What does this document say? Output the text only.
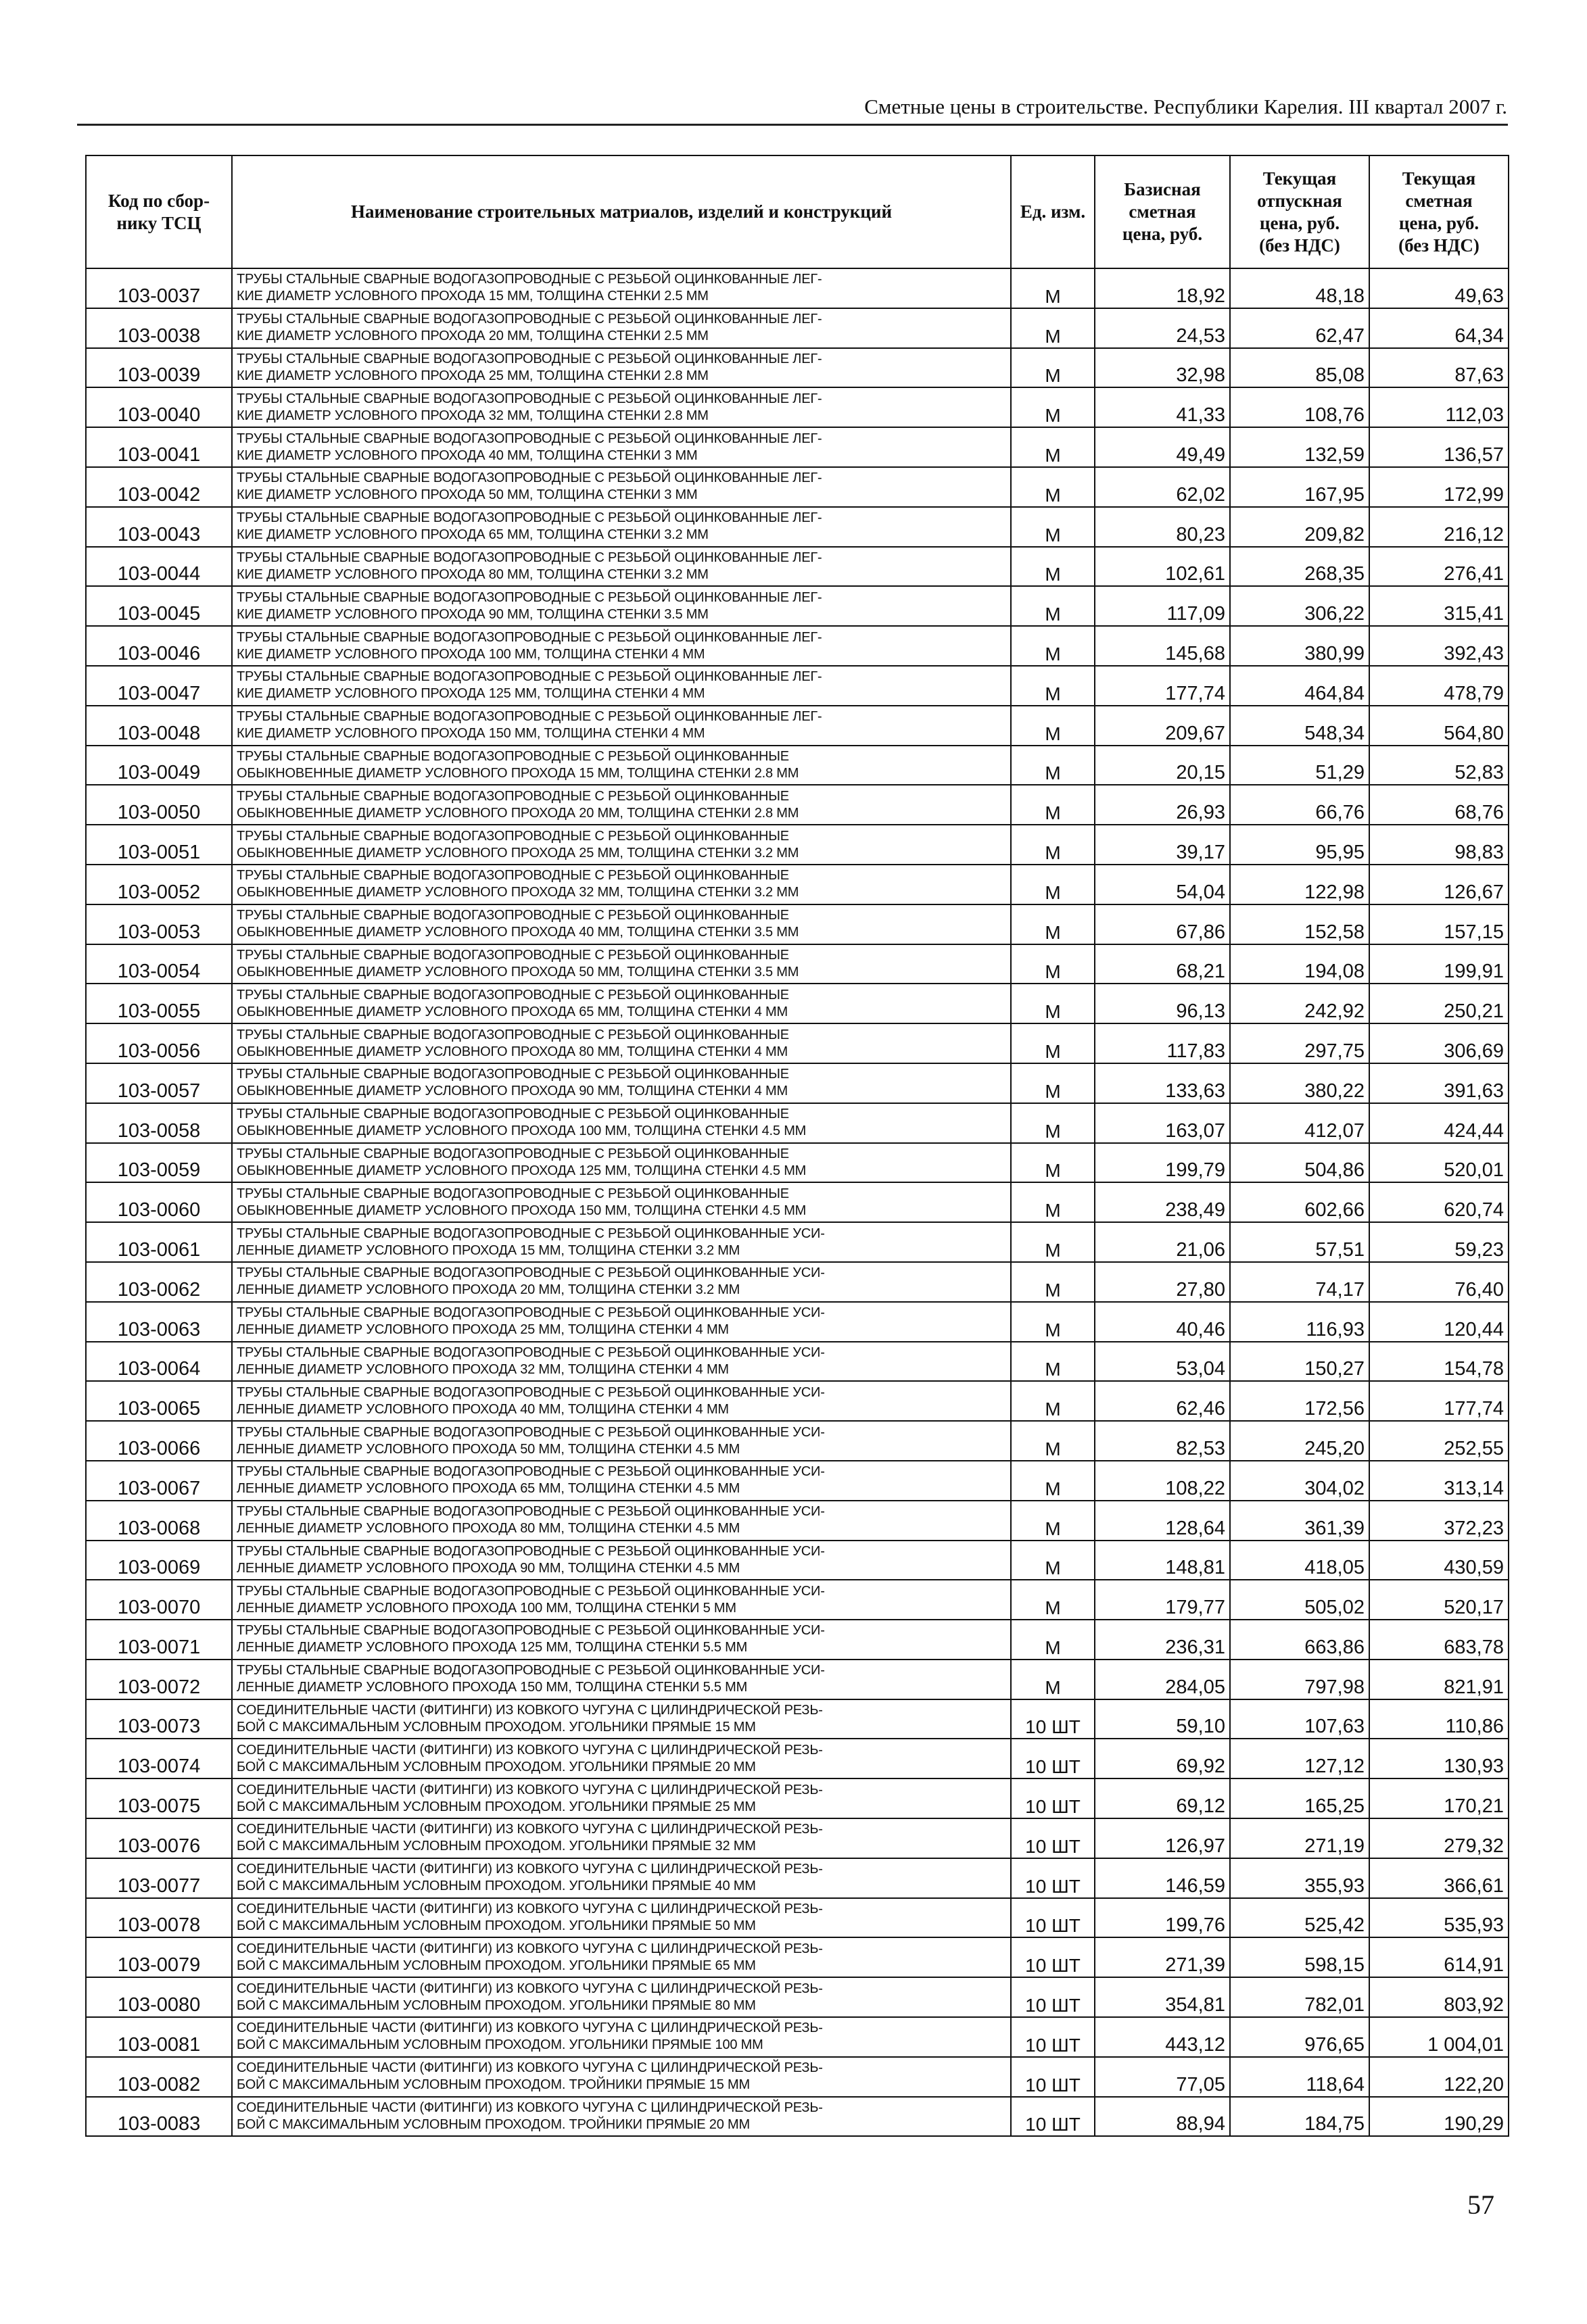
Сметные цены в строительстве. Республики Карелия. III квартал 2007 г.
Код по сбор-
нику ТСЦ	Наименование строительных матриалов, изделий и конструкций	Ед. изм.	Базисная
сметная
цена, руб.	Текущая
отпускная
цена, руб.
(без НДС)	Текущая
сметная
цена, руб.
(без НДС)
103-0037	ТРУБЫ СТАЛЬНЫЕ СВАРНЫЕ ВОДОГАЗОПРОВОДНЫЕ С РЕЗЬБОЙ ОЦИНКОВАННЫЕ ЛЕГ-
КИЕ ДИАМЕТР УСЛОВНОГО ПРОХОДА 15 ММ, ТОЛЩИНА СТЕНКИ 2.5 ММ	М	18,92	48,18	49,63
103-0038	ТРУБЫ СТАЛЬНЫЕ СВАРНЫЕ ВОДОГАЗОПРОВОДНЫЕ С РЕЗЬБОЙ ОЦИНКОВАННЫЕ ЛЕГ-
КИЕ ДИАМЕТР УСЛОВНОГО ПРОХОДА 20 ММ, ТОЛЩИНА СТЕНКИ 2.5 ММ	М	24,53	62,47	64,34
103-0039	ТРУБЫ СТАЛЬНЫЕ СВАРНЫЕ ВОДОГАЗОПРОВОДНЫЕ С РЕЗЬБОЙ ОЦИНКОВАННЫЕ ЛЕГ-
КИЕ ДИАМЕТР УСЛОВНОГО ПРОХОДА 25 ММ, ТОЛЩИНА СТЕНКИ 2.8 ММ	М	32,98	85,08	87,63
103-0040	ТРУБЫ СТАЛЬНЫЕ СВАРНЫЕ ВОДОГАЗОПРОВОДНЫЕ С РЕЗЬБОЙ ОЦИНКОВАННЫЕ ЛЕГ-
КИЕ ДИАМЕТР УСЛОВНОГО ПРОХОДА 32 ММ, ТОЛЩИНА СТЕНКИ 2.8 ММ	М	41,33	108,76	112,03
103-0041	ТРУБЫ СТАЛЬНЫЕ СВАРНЫЕ ВОДОГАЗОПРОВОДНЫЕ С РЕЗЬБОЙ ОЦИНКОВАННЫЕ ЛЕГ-
КИЕ ДИАМЕТР УСЛОВНОГО ПРОХОДА 40 ММ, ТОЛЩИНА СТЕНКИ 3 ММ	М	49,49	132,59	136,57
103-0042	ТРУБЫ СТАЛЬНЫЕ СВАРНЫЕ ВОДОГАЗОПРОВОДНЫЕ С РЕЗЬБОЙ ОЦИНКОВАННЫЕ ЛЕГ-
КИЕ ДИАМЕТР УСЛОВНОГО ПРОХОДА 50 ММ, ТОЛЩИНА СТЕНКИ 3 ММ	М	62,02	167,95	172,99
103-0043	ТРУБЫ СТАЛЬНЫЕ СВАРНЫЕ ВОДОГАЗОПРОВОДНЫЕ С РЕЗЬБОЙ ОЦИНКОВАННЫЕ ЛЕГ-
КИЕ ДИАМЕТР УСЛОВНОГО ПРОХОДА 65 ММ, ТОЛЩИНА СТЕНКИ 3.2 ММ	М	80,23	209,82	216,12
103-0044	ТРУБЫ СТАЛЬНЫЕ СВАРНЫЕ ВОДОГАЗОПРОВОДНЫЕ С РЕЗЬБОЙ ОЦИНКОВАННЫЕ ЛЕГ-
КИЕ ДИАМЕТР УСЛОВНОГО ПРОХОДА 80 ММ, ТОЛЩИНА СТЕНКИ 3.2 ММ	М	102,61	268,35	276,41
103-0045	ТРУБЫ СТАЛЬНЫЕ СВАРНЫЕ ВОДОГАЗОПРОВОДНЫЕ С РЕЗЬБОЙ ОЦИНКОВАННЫЕ ЛЕГ-
КИЕ ДИАМЕТР УСЛОВНОГО ПРОХОДА 90 ММ, ТОЛЩИНА СТЕНКИ 3.5 ММ	М	117,09	306,22	315,41
103-0046	ТРУБЫ СТАЛЬНЫЕ СВАРНЫЕ ВОДОГАЗОПРОВОДНЫЕ С РЕЗЬБОЙ ОЦИНКОВАННЫЕ ЛЕГ-
КИЕ ДИАМЕТР УСЛОВНОГО ПРОХОДА 100 ММ, ТОЛЩИНА СТЕНКИ 4 ММ	М	145,68	380,99	392,43
103-0047	ТРУБЫ СТАЛЬНЫЕ СВАРНЫЕ ВОДОГАЗОПРОВОДНЫЕ С РЕЗЬБОЙ ОЦИНКОВАННЫЕ ЛЕГ-
КИЕ ДИАМЕТР УСЛОВНОГО ПРОХОДА 125 ММ, ТОЛЩИНА СТЕНКИ 4 ММ	М	177,74	464,84	478,79
103-0048	ТРУБЫ СТАЛЬНЫЕ СВАРНЫЕ ВОДОГАЗОПРОВОДНЫЕ С РЕЗЬБОЙ ОЦИНКОВАННЫЕ ЛЕГ-
КИЕ ДИАМЕТР УСЛОВНОГО ПРОХОДА 150 ММ, ТОЛЩИНА СТЕНКИ 4 ММ	М	209,67	548,34	564,80
103-0049	ТРУБЫ СТАЛЬНЫЕ СВАРНЫЕ ВОДОГАЗОПРОВОДНЫЕ С РЕЗЬБОЙ ОЦИНКОВАННЫЕ
ОБЫКНОВЕННЫЕ ДИАМЕТР УСЛОВНОГО ПРОХОДА 15 ММ, ТОЛЩИНА СТЕНКИ 2.8 ММ	М	20,15	51,29	52,83
103-0050	ТРУБЫ СТАЛЬНЫЕ СВАРНЫЕ ВОДОГАЗОПРОВОДНЫЕ С РЕЗЬБОЙ ОЦИНКОВАННЫЕ
ОБЫКНОВЕННЫЕ ДИАМЕТР УСЛОВНОГО ПРОХОДА 20 ММ, ТОЛЩИНА СТЕНКИ 2.8 ММ	М	26,93	66,76	68,76
103-0051	ТРУБЫ СТАЛЬНЫЕ СВАРНЫЕ ВОДОГАЗОПРОВОДНЫЕ С РЕЗЬБОЙ ОЦИНКОВАННЫЕ
ОБЫКНОВЕННЫЕ ДИАМЕТР УСЛОВНОГО ПРОХОДА 25 ММ, ТОЛЩИНА СТЕНКИ 3.2 ММ	М	39,17	95,95	98,83
103-0052	ТРУБЫ СТАЛЬНЫЕ СВАРНЫЕ ВОДОГАЗОПРОВОДНЫЕ С РЕЗЬБОЙ ОЦИНКОВАННЫЕ
ОБЫКНОВЕННЫЕ ДИАМЕТР УСЛОВНОГО ПРОХОДА 32 ММ, ТОЛЩИНА СТЕНКИ 3.2 ММ	М	54,04	122,98	126,67
103-0053	ТРУБЫ СТАЛЬНЫЕ СВАРНЫЕ ВОДОГАЗОПРОВОДНЫЕ С РЕЗЬБОЙ ОЦИНКОВАННЫЕ
ОБЫКНОВЕННЫЕ ДИАМЕТР УСЛОВНОГО ПРОХОДА 40 ММ, ТОЛЩИНА СТЕНКИ 3.5 ММ	М	67,86	152,58	157,15
103-0054	ТРУБЫ СТАЛЬНЫЕ СВАРНЫЕ ВОДОГАЗОПРОВОДНЫЕ С РЕЗЬБОЙ ОЦИНКОВАННЫЕ
ОБЫКНОВЕННЫЕ ДИАМЕТР УСЛОВНОГО ПРОХОДА 50 ММ, ТОЛЩИНА СТЕНКИ 3.5 ММ	М	68,21	194,08	199,91
103-0055	ТРУБЫ СТАЛЬНЫЕ СВАРНЫЕ ВОДОГАЗОПРОВОДНЫЕ С РЕЗЬБОЙ ОЦИНКОВАННЫЕ
ОБЫКНОВЕННЫЕ ДИАМЕТР УСЛОВНОГО ПРОХОДА 65 ММ, ТОЛЩИНА СТЕНКИ 4 ММ	М	96,13	242,92	250,21
103-0056	ТРУБЫ СТАЛЬНЫЕ СВАРНЫЕ ВОДОГАЗОПРОВОДНЫЕ С РЕЗЬБОЙ ОЦИНКОВАННЫЕ
ОБЫКНОВЕННЫЕ ДИАМЕТР УСЛОВНОГО ПРОХОДА 80 ММ, ТОЛЩИНА СТЕНКИ 4 ММ	М	117,83	297,75	306,69
103-0057	ТРУБЫ СТАЛЬНЫЕ СВАРНЫЕ ВОДОГАЗОПРОВОДНЫЕ С РЕЗЬБОЙ ОЦИНКОВАННЫЕ
ОБЫКНОВЕННЫЕ ДИАМЕТР УСЛОВНОГО ПРОХОДА 90 ММ, ТОЛЩИНА СТЕНКИ 4 ММ	М	133,63	380,22	391,63
103-0058	ТРУБЫ СТАЛЬНЫЕ СВАРНЫЕ ВОДОГАЗОПРОВОДНЫЕ С РЕЗЬБОЙ ОЦИНКОВАННЫЕ
ОБЫКНОВЕННЫЕ ДИАМЕТР УСЛОВНОГО ПРОХОДА 100 ММ, ТОЛЩИНА СТЕНКИ 4.5 ММ	М	163,07	412,07	424,44
103-0059	ТРУБЫ СТАЛЬНЫЕ СВАРНЫЕ ВОДОГАЗОПРОВОДНЫЕ С РЕЗЬБОЙ ОЦИНКОВАННЫЕ
ОБЫКНОВЕННЫЕ ДИАМЕТР УСЛОВНОГО ПРОХОДА 125 ММ, ТОЛЩИНА СТЕНКИ 4.5 ММ	М	199,79	504,86	520,01
103-0060	ТРУБЫ СТАЛЬНЫЕ СВАРНЫЕ ВОДОГАЗОПРОВОДНЫЕ С РЕЗЬБОЙ ОЦИНКОВАННЫЕ
ОБЫКНОВЕННЫЕ ДИАМЕТР УСЛОВНОГО ПРОХОДА 150 ММ, ТОЛЩИНА СТЕНКИ 4.5 ММ	М	238,49	602,66	620,74
103-0061	ТРУБЫ СТАЛЬНЫЕ СВАРНЫЕ ВОДОГАЗОПРОВОДНЫЕ С РЕЗЬБОЙ ОЦИНКОВАННЫЕ УСИ-
ЛЕННЫЕ ДИАМЕТР УСЛОВНОГО ПРОХОДА 15 ММ, ТОЛЩИНА СТЕНКИ 3.2 ММ	М	21,06	57,51	59,23
103-0062	ТРУБЫ СТАЛЬНЫЕ СВАРНЫЕ ВОДОГАЗОПРОВОДНЫЕ С РЕЗЬБОЙ ОЦИНКОВАННЫЕ УСИ-
ЛЕННЫЕ ДИАМЕТР УСЛОВНОГО ПРОХОДА 20 ММ, ТОЛЩИНА СТЕНКИ 3.2 ММ	М	27,80	74,17	76,40
103-0063	ТРУБЫ СТАЛЬНЫЕ СВАРНЫЕ ВОДОГАЗОПРОВОДНЫЕ С РЕЗЬБОЙ ОЦИНКОВАННЫЕ УСИ-
ЛЕННЫЕ ДИАМЕТР УСЛОВНОГО ПРОХОДА 25 ММ, ТОЛЩИНА СТЕНКИ 4 ММ	М	40,46	116,93	120,44
103-0064	ТРУБЫ СТАЛЬНЫЕ СВАРНЫЕ ВОДОГАЗОПРОВОДНЫЕ С РЕЗЬБОЙ ОЦИНКОВАННЫЕ УСИ-
ЛЕННЫЕ ДИАМЕТР УСЛОВНОГО ПРОХОДА 32 ММ, ТОЛЩИНА СТЕНКИ 4 ММ	М	53,04	150,27	154,78
103-0065	ТРУБЫ СТАЛЬНЫЕ СВАРНЫЕ ВОДОГАЗОПРОВОДНЫЕ С РЕЗЬБОЙ ОЦИНКОВАННЫЕ УСИ-
ЛЕННЫЕ ДИАМЕТР УСЛОВНОГО ПРОХОДА 40 ММ, ТОЛЩИНА СТЕНКИ 4 ММ	М	62,46	172,56	177,74
103-0066	ТРУБЫ СТАЛЬНЫЕ СВАРНЫЕ ВОДОГАЗОПРОВОДНЫЕ С РЕЗЬБОЙ ОЦИНКОВАННЫЕ УСИ-
ЛЕННЫЕ ДИАМЕТР УСЛОВНОГО ПРОХОДА 50 ММ, ТОЛЩИНА СТЕНКИ 4.5 ММ	М	82,53	245,20	252,55
103-0067	ТРУБЫ СТАЛЬНЫЕ СВАРНЫЕ ВОДОГАЗОПРОВОДНЫЕ С РЕЗЬБОЙ ОЦИНКОВАННЫЕ УСИ-
ЛЕННЫЕ ДИАМЕТР УСЛОВНОГО ПРОХОДА 65 ММ, ТОЛЩИНА СТЕНКИ 4.5 ММ	М	108,22	304,02	313,14
103-0068	ТРУБЫ СТАЛЬНЫЕ СВАРНЫЕ ВОДОГАЗОПРОВОДНЫЕ С РЕЗЬБОЙ ОЦИНКОВАННЫЕ УСИ-
ЛЕННЫЕ ДИАМЕТР УСЛОВНОГО ПРОХОДА 80 ММ, ТОЛЩИНА СТЕНКИ 4.5 ММ	М	128,64	361,39	372,23
103-0069	ТРУБЫ СТАЛЬНЫЕ СВАРНЫЕ ВОДОГАЗОПРОВОДНЫЕ С РЕЗЬБОЙ ОЦИНКОВАННЫЕ УСИ-
ЛЕННЫЕ ДИАМЕТР УСЛОВНОГО ПРОХОДА 90 ММ, ТОЛЩИНА СТЕНКИ 4.5 ММ	М	148,81	418,05	430,59
103-0070	ТРУБЫ СТАЛЬНЫЕ СВАРНЫЕ ВОДОГАЗОПРОВОДНЫЕ С РЕЗЬБОЙ ОЦИНКОВАННЫЕ УСИ-
ЛЕННЫЕ ДИАМЕТР УСЛОВНОГО ПРОХОДА 100 ММ, ТОЛЩИНА СТЕНКИ 5 ММ	М	179,77	505,02	520,17
103-0071	ТРУБЫ СТАЛЬНЫЕ СВАРНЫЕ ВОДОГАЗОПРОВОДНЫЕ С РЕЗЬБОЙ ОЦИНКОВАННЫЕ УСИ-
ЛЕННЫЕ ДИАМЕТР УСЛОВНОГО ПРОХОДА 125 ММ, ТОЛЩИНА СТЕНКИ 5.5 ММ	М	236,31	663,86	683,78
103-0072	ТРУБЫ СТАЛЬНЫЕ СВАРНЫЕ ВОДОГАЗОПРОВОДНЫЕ С РЕЗЬБОЙ ОЦИНКОВАННЫЕ УСИ-
ЛЕННЫЕ ДИАМЕТР УСЛОВНОГО ПРОХОДА 150 ММ, ТОЛЩИНА СТЕНКИ 5.5 ММ	М	284,05	797,98	821,91
103-0073	СОЕДИНИТЕЛЬНЫЕ ЧАСТИ (ФИТИНГИ) ИЗ КОВКОГО ЧУГУНА С ЦИЛИНДРИЧЕСКОЙ РЕЗЬ-
БОЙ С МАКСИМАЛЬНЫМ УСЛОВНЫМ ПРОХОДОМ. УГОЛЬНИКИ ПРЯМЫЕ 15 ММ	10 ШТ	59,10	107,63	110,86
103-0074	СОЕДИНИТЕЛЬНЫЕ ЧАСТИ (ФИТИНГИ) ИЗ КОВКОГО ЧУГУНА С ЦИЛИНДРИЧЕСКОЙ РЕЗЬ-
БОЙ С МАКСИМАЛЬНЫМ УСЛОВНЫМ ПРОХОДОМ. УГОЛЬНИКИ ПРЯМЫЕ 20 ММ	10 ШТ	69,92	127,12	130,93
103-0075	СОЕДИНИТЕЛЬНЫЕ ЧАСТИ (ФИТИНГИ) ИЗ КОВКОГО ЧУГУНА С ЦИЛИНДРИЧЕСКОЙ РЕЗЬ-
БОЙ С МАКСИМАЛЬНЫМ УСЛОВНЫМ ПРОХОДОМ. УГОЛЬНИКИ ПРЯМЫЕ 25 ММ	10 ШТ	69,12	165,25	170,21
103-0076	СОЕДИНИТЕЛЬНЫЕ ЧАСТИ (ФИТИНГИ) ИЗ КОВКОГО ЧУГУНА С ЦИЛИНДРИЧЕСКОЙ РЕЗЬ-
БОЙ С МАКСИМАЛЬНЫМ УСЛОВНЫМ ПРОХОДОМ. УГОЛЬНИКИ ПРЯМЫЕ 32 ММ	10 ШТ	126,97	271,19	279,32
103-0077	СОЕДИНИТЕЛЬНЫЕ ЧАСТИ (ФИТИНГИ) ИЗ КОВКОГО ЧУГУНА С ЦИЛИНДРИЧЕСКОЙ РЕЗЬ-
БОЙ С МАКСИМАЛЬНЫМ УСЛОВНЫМ ПРОХОДОМ. УГОЛЬНИКИ ПРЯМЫЕ 40 ММ	10 ШТ	146,59	355,93	366,61
103-0078	СОЕДИНИТЕЛЬНЫЕ ЧАСТИ (ФИТИНГИ) ИЗ КОВКОГО ЧУГУНА С ЦИЛИНДРИЧЕСКОЙ РЕЗЬ-
БОЙ С МАКСИМАЛЬНЫМ УСЛОВНЫМ ПРОХОДОМ. УГОЛЬНИКИ ПРЯМЫЕ 50 ММ	10 ШТ	199,76	525,42	535,93
103-0079	СОЕДИНИТЕЛЬНЫЕ ЧАСТИ (ФИТИНГИ) ИЗ КОВКОГО ЧУГУНА С ЦИЛИНДРИЧЕСКОЙ РЕЗЬ-
БОЙ С МАКСИМАЛЬНЫМ УСЛОВНЫМ ПРОХОДОМ. УГОЛЬНИКИ ПРЯМЫЕ 65 ММ	10 ШТ	271,39	598,15	614,91
103-0080	СОЕДИНИТЕЛЬНЫЕ ЧАСТИ (ФИТИНГИ) ИЗ КОВКОГО ЧУГУНА С ЦИЛИНДРИЧЕСКОЙ РЕЗЬ-
БОЙ С МАКСИМАЛЬНЫМ УСЛОВНЫМ ПРОХОДОМ. УГОЛЬНИКИ ПРЯМЫЕ 80 ММ	10 ШТ	354,81	782,01	803,92
103-0081	СОЕДИНИТЕЛЬНЫЕ ЧАСТИ (ФИТИНГИ) ИЗ КОВКОГО ЧУГУНА С ЦИЛИНДРИЧЕСКОЙ РЕЗЬ-
БОЙ С МАКСИМАЛЬНЫМ УСЛОВНЫМ ПРОХОДОМ. УГОЛЬНИКИ ПРЯМЫЕ 100 ММ	10 ШТ	443,12	976,65	1 004,01
103-0082	СОЕДИНИТЕЛЬНЫЕ ЧАСТИ (ФИТИНГИ) ИЗ КОВКОГО ЧУГУНА С ЦИЛИНДРИЧЕСКОЙ РЕЗЬ-
БОЙ С МАКСИМАЛЬНЫМ УСЛОВНЫМ ПРОХОДОМ. ТРОЙНИКИ ПРЯМЫЕ 15 ММ	10 ШТ	77,05	118,64	122,20
103-0083	СОЕДИНИТЕЛЬНЫЕ ЧАСТИ (ФИТИНГИ) ИЗ КОВКОГО ЧУГУНА С ЦИЛИНДРИЧЕСКОЙ РЕЗЬ-
БОЙ С МАКСИМАЛЬНЫМ УСЛОВНЫМ ПРОХОДОМ. ТРОЙНИКИ ПРЯМЫЕ 20 ММ	10 ШТ	88,94	184,75	190,29
57
